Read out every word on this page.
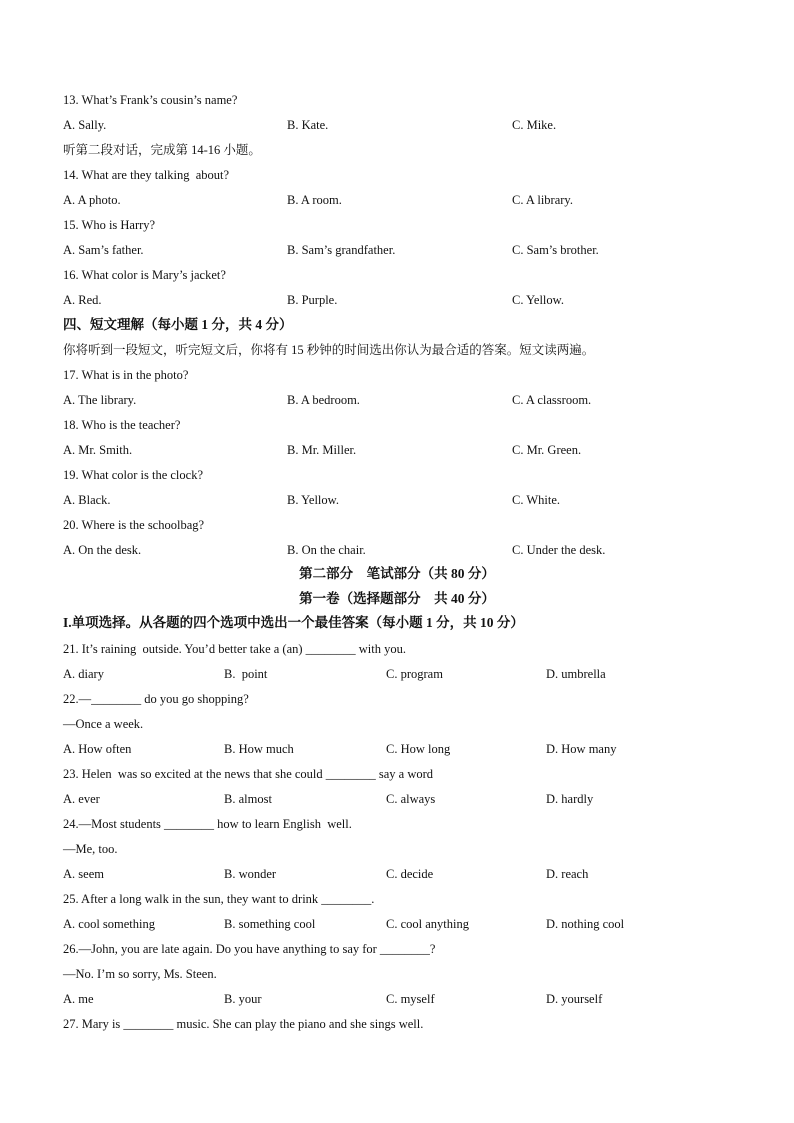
13. What’s Frank’s cousin’s name?
A. Sally.	B. Kate.	C. Mike.
听第二段对话，完成第 14-16 小题。
14. What are they talking  about?
A. A photo.	B. A room.	C. A library.
15. Who is Harry?
A. Sam’s father.	B. Sam’s grandfather.	C. Sam’s brother.
16. What color is Mary’s jacket?
A. Red.	B. Purple.	C. Yellow.
四、短文理解（每小题 1 分，共 4 分）
你将听到一段短文，听完短文后，你将有 15 秒钟的时间选出你认为最合适的答案。短文读两遍。
17. What is in the photo?
A. The library.	B. A bedroom.	C. A classroom.
18. Who is the teacher?
A. Mr. Smith.	B. Mr. Miller.	C. Mr. Green.
19. What color is the clock?
A. Black.	B. Yellow.	C. White.
20. Where is the schoolbag?
A. On the desk.	B. On the chair.	C. Under the desk.
第二部分　笔试部分（共 80 分）
第一卷（选择题部分　共 40 分）
I.单项选择。从各题的四个选项中选出一个最佳答案（每小题 1 分，共 10 分）
21. It’s raining  outside. You’d better take a (an) ________ with you.
A. diary	B.  point	C. program	D. umbrella
22.—________ do you go shopping?
—Once a week.
A. How often	B. How much	C. How long	D. How many
23. Helen  was so excited at the news that she could ________ say a word
A. ever	B. almost	C. always	D. hardly
24.—Most students ________ how to learn English  well.
—Me, too.
A. seem	B. wonder	C. decide	D. reach
25. After a long walk in the sun, they want to drink ________.
A. cool something	B. something cool	C. cool anything	D. nothing cool
26.—John, you are late again. Do you have anything to say for ________?
—No. I’m so sorry, Ms. Steen.
A. me	B. your	C. myself	D. yourself
27. Mary is ________ music. She can play the piano and she sings well.
